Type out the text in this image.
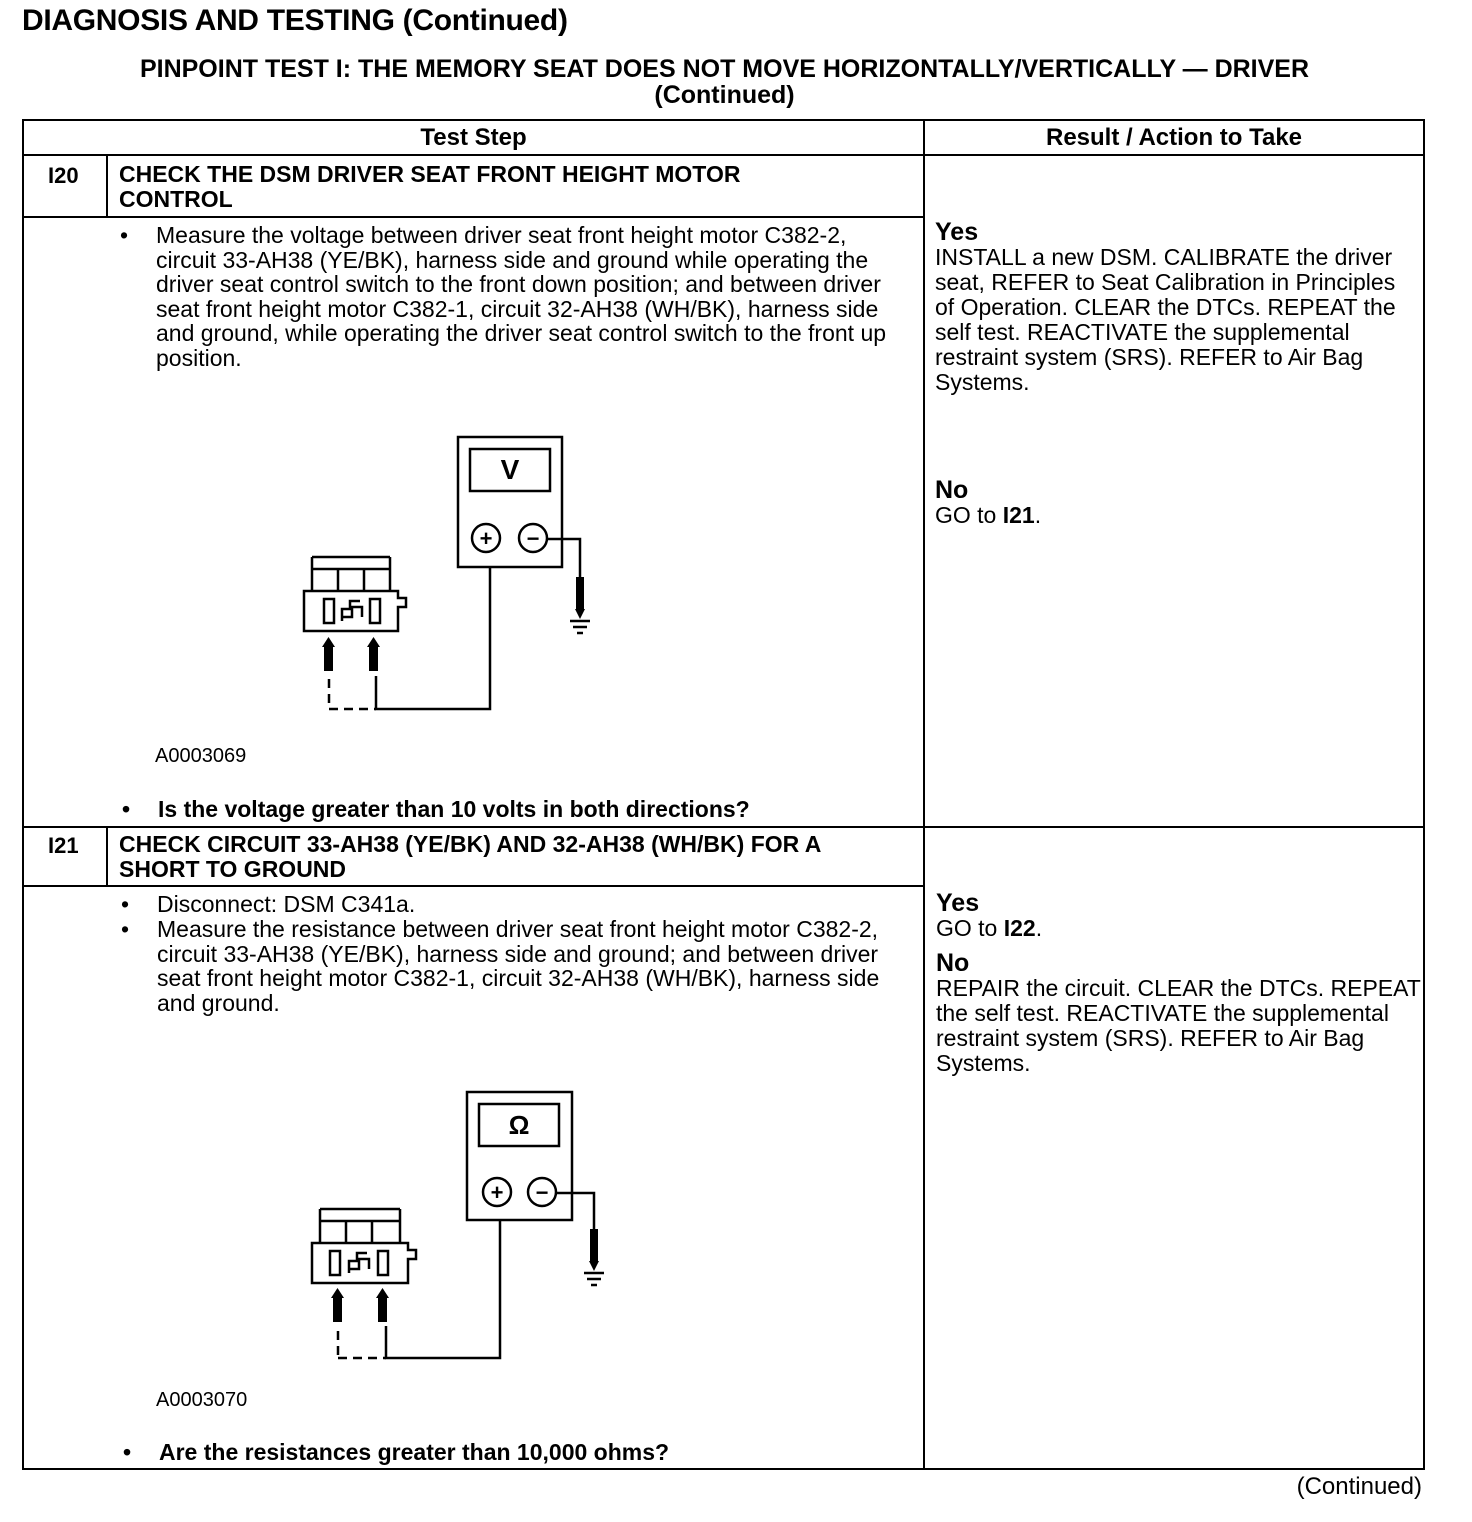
DIAGNOSIS AND TESTING (Continued)
PINPOINT TEST I: THE MEMORY SEAT DOES NOT MOVE HORIZONTALLY/VERTICALLY — DRIVER
(Continued)
Test Step	Result / Action to Take
I20 CHECK THE DSM DRIVER SEAT FRONT HEIGHT MOTOR CONTROL
• Measure the voltage between driver seat front height motor C382-2, circuit 33-AH38 (YE/BK), harness side and ground while operating the driver seat control switch to the front down position; and between driver seat front height motor C382-1, circuit 32-AH38 (WH/BK), harness side and ground, while operating the driver seat control switch to the front up position.
V
+ −
A0003069
• Is the voltage greater than 10 volts in both directions?
Yes
INSTALL a new DSM. CALIBRATE the driver seat, REFER to Seat Calibration in Principles of Operation. CLEAR the DTCs. REPEAT the self test. REACTIVATE the supplemental restraint system (SRS). REFER to Air Bag Systems.
No
GO to I21.
I21 CHECK CIRCUIT 33-AH38 (YE/BK) AND 32-AH38 (WH/BK) FOR A SHORT TO GROUND
• Disconnect: DSM C341a.
• Measure the resistance between driver seat front height motor C382-2, circuit 33-AH38 (YE/BK), harness side and ground; and between driver seat front height motor C382-1, circuit 32-AH38 (WH/BK), harness side and ground.
Ω
+ −
A0003070
• Are the resistances greater than 10,000 ohms?
Yes
GO to I22.
No
REPAIR the circuit. CLEAR the DTCs. REPEAT the self test. REACTIVATE the supplemental restraint system (SRS). REFER to Air Bag Systems.
(Continued)
